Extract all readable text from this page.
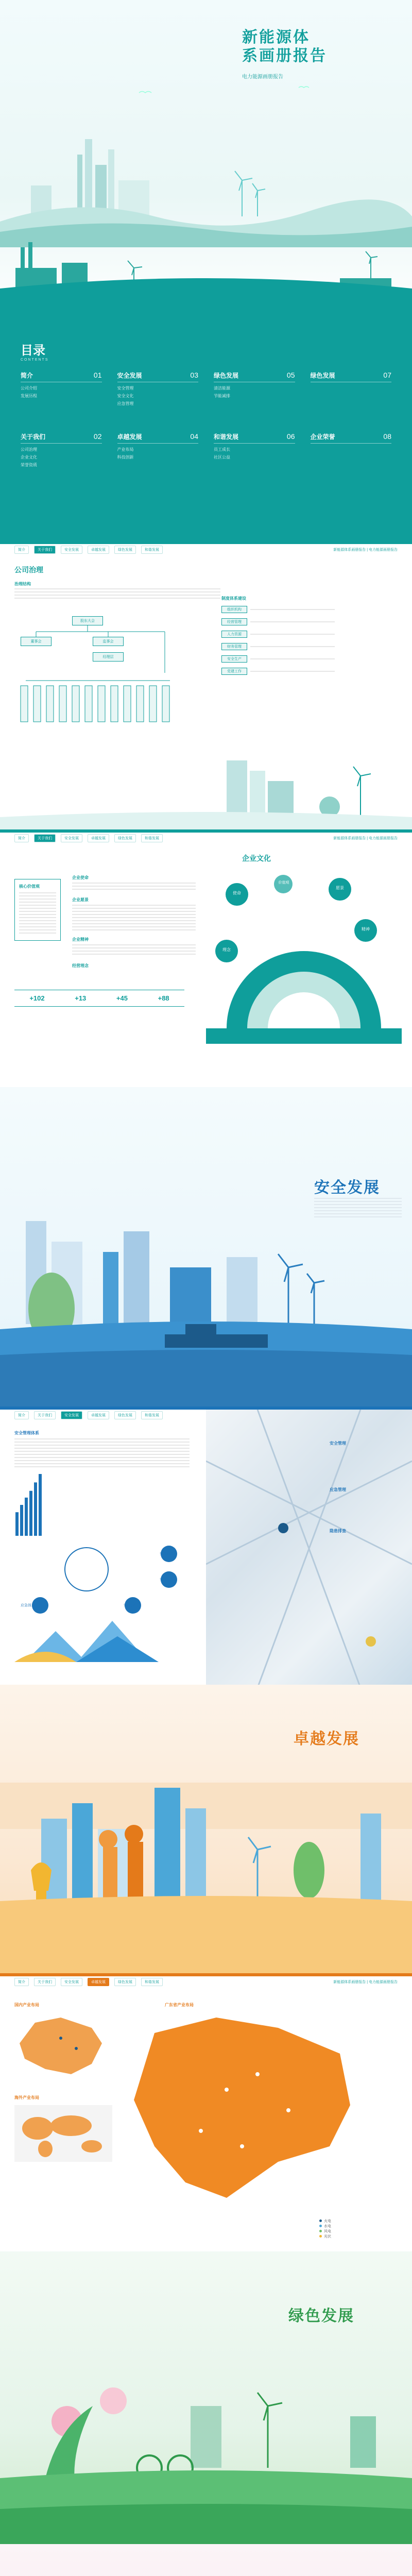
新能源体
系画册报告
电力能源画册报告
目录
CONTENTS
简介	01
公司介绍
发展历程
安全发展	03
安全管理
安全文化
应急管理
绿色发展	05
清洁能源
节能减排
绿色发展	07
关于我们	02
公司治理
企业文化
荣誉资质
卓越发展	04
产业布局
科技创新
和谐发展	06
员工成长
社区公益
企业荣誉	08
简介	关于我们	安全发展	卓越发展	绿色发展	和谐发展	新能源体系画册报告 | 电力能源画册报告
公司治理
治理结构
股东大会
董事会	监事会
经理层
制度体系建设
组织机构
经营管理
人力资源
财务管理
安全生产
党建工作
简介	关于我们	安全发展	卓越发展	绿色发展	和谐发展	新能源体系画册报告 | 电力能源画册报告
核心价值观
企业使命
企业愿景
企业精神
经营理念
+102	+13	+45	+88
企业文化
使命
愿景
精神
理念
价值观
安全发展
简介	关于我们	安全发展	卓越发展	绿色发展	和谐发展
安全管理体系
安全体系
安全文化
安全责任
应急体系
安全管理
应急管理
隐患排查
卓越发展
简介	关于我们	安全发展	卓越发展	绿色发展	和谐发展	新能源体系画册报告 | 电力能源画册报告
国内产业布局
海外产业布局
广东省产业布局
火电
水电
风电
光伏
绿色发展
